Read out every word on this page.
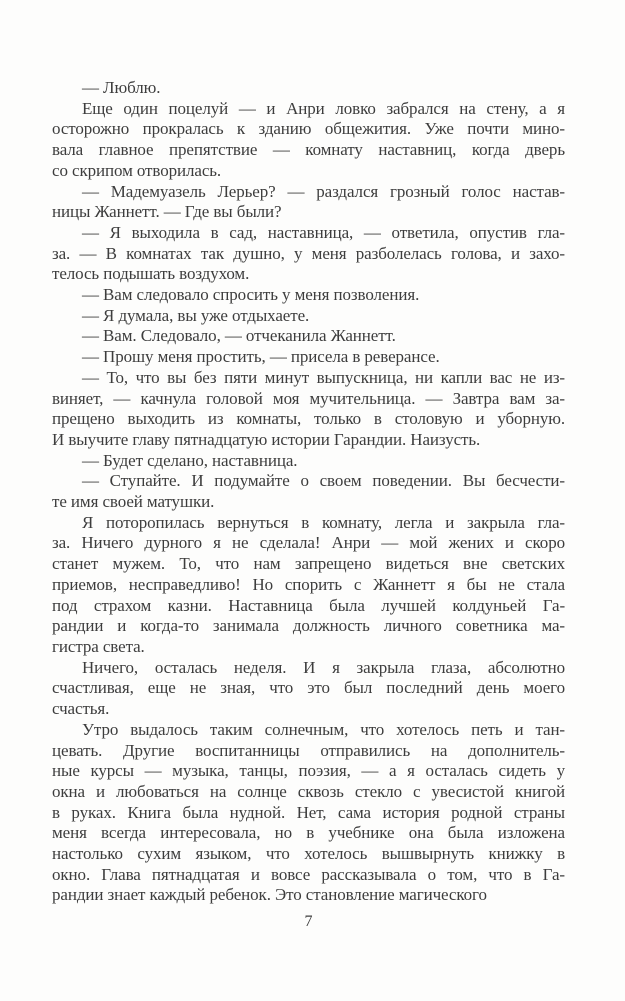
— Люблю.
Еще один поцелуй — и Анри ловко забрался на стену, а я
осторожно прокралась к зданию общежития. Уже почти мино-
вала главное препятствие — комнату наставниц, когда дверь
со скрипом отворилась.
— Мадемуазель Лерьер? — раздался грозный голос настав-
ницы Жаннетт. — Где вы были?
— Я выходила в сад, наставница, — ответила, опустив гла-
за. — В комнатах так душно, у меня разболелась голова, и захо-
телось подышать воздухом.
— Вам следовало спросить у меня позволения.
— Я думала, вы уже отдыхаете.
— Вам. Следовало, — отчеканила Жаннетт.
— Прошу меня простить, — присела в реверансе.
— То, что вы без пяти минут выпускница, ни капли вас не из-
виняет, — качнула головой моя мучительница. — Завтра вам за-
прещено выходить из комнаты, только в столовую и уборную.
И выучите главу пятнадцатую истории Гарандии. Наизусть.
— Будет сделано, наставница.
— Ступайте. И подумайте о своем поведении. Вы бесчести-
те имя своей матушки.
Я поторопилась вернуться в комнату, легла и закрыла гла-
за. Ничего дурного я не сделала! Анри — мой жених и скоро
станет мужем. То, что нам запрещено видеться вне светских
приемов, несправедливо! Но спорить с Жаннетт я бы не стала
под страхом казни. Наставница была лучшей колдуньей Га-
рандии и когда-то занимала должность личного советника ма-
гистра света.
Ничего, осталась неделя. И я закрыла глаза, абсолютно
счастливая, еще не зная, что это был последний день моего
счастья.
Утро выдалось таким солнечным, что хотелось петь и тан-
цевать. Другие воспитанницы отправились на дополнитель-
ные курсы — музыка, танцы, поэзия, — а я осталась сидеть у
окна и любоваться на солнце сквозь стекло с увесистой книгой
в руках. Книга была нудной. Нет, сама история родной страны
меня всегда интересовала, но в учебнике она была изложена
настолько сухим языком, что хотелось вышвырнуть книжку в
окно. Глава пятнадцатая и вовсе рассказывала о том, что в Га-
рандии знает каждый ребенок. Это становление магического
7
